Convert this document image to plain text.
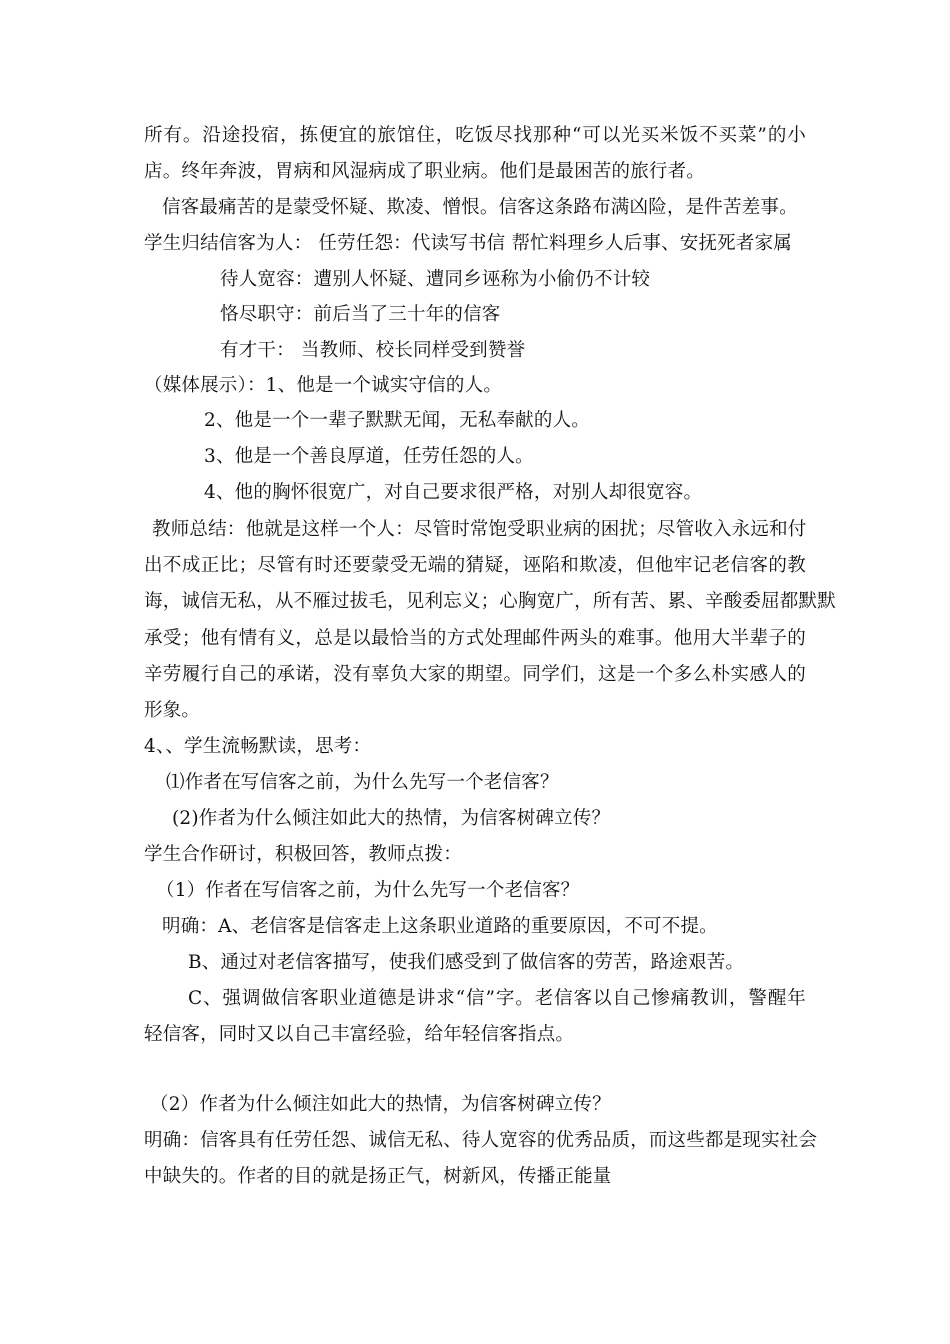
所有。沿途投宿，拣便宜的旅馆住，吃饭尽找那种“可以光买米饭不买菜”的小
店。终年奔波，胃病和风湿病成了职业病。他们是最困苦的旅行者。
信客最痛苦的是蒙受怀疑、欺凌、憎恨。信客这条路布满凶险，是件苦差事。
学生归结信客为人： 任劳任怨：代读写书信 帮忙料理乡人后事、安抚死者家属
待人宽容：遭别人怀疑、遭同乡诬称为小偷仍不计较
恪尽职守：前后当了三十年的信客
有才干： 当教师、校长同样受到赞誉
（媒体展示）：1、他是一个诚实守信的人。
2、他是一个一辈子默默无闻，无私奉献的人。
3、他是一个善良厚道，任劳任怨的人。
4、他的胸怀很宽广，对自己要求很严格，对别人却很宽容。
教师总结：他就是这样一个人：尽管时常饱受职业病的困扰；尽管收入永远和付
出不成正比；尽管有时还要蒙受无端的猜疑，诬陷和欺凌，但他牢记老信客的教
诲，诚信无私，从不雁过拔毛，见利忘义；心胸宽广，所有苦、累、辛酸委屈都默默
承受；他有情有义，总是以最恰当的方式处理邮件两头的难事。他用大半辈子的
辛劳履行自己的承诺，没有辜负大家的期望。同学们，这是一个多么朴实感人的
形象。
4、、学生流畅默读，思考：
⑴作者在写信客之前，为什么先写一个老信客？
(2)作者为什么倾注如此大的热情，为信客树碑立传？
学生合作研讨，积极回答，教师点拨：
（1）作者在写信客之前，为什么先写一个老信客？
明确：A、老信客是信客走上这条职业道路的重要原因，不可不提。
B、通过对老信客描写，使我们感受到了做信客的劳苦，路途艰苦。
C、强调做信客职业道德是讲求“信”字。老信客以自己惨痛教训，警醒年
轻信客，同时又以自己丰富经验，给年轻信客指点。
（2）作者为什么倾注如此大的热情，为信客树碑立传？
明确：信客具有任劳任怨、诚信无私、待人宽容的优秀品质，而这些都是现实社会
中缺失的。作者的目的就是扬正气，树新风，传播正能量
